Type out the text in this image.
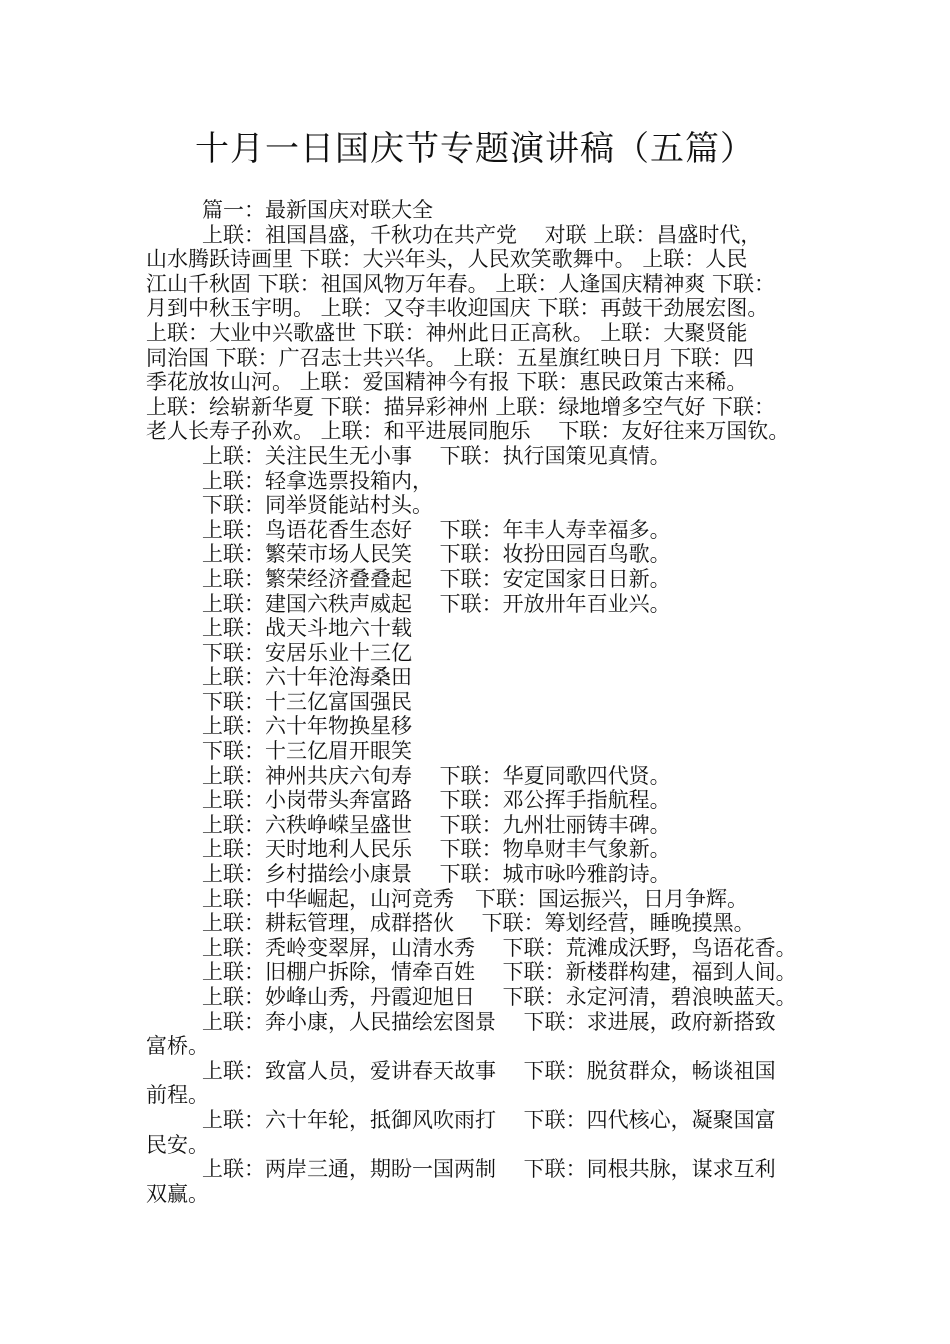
十月一日国庆节专题演讲稿（五篇）
篇一：最新国庆对联大全
上联：祖国昌盛，千秋功在共产党　 对联 上联：昌盛时代，
山水腾跃诗画里 下联：大兴年头，人民欢笑歌舞中。 上联：人民
江山千秋固 下联：祖国风物万年春。 上联：人逢国庆精神爽 下联：
月到中秋玉宇明。 上联：又夺丰收迎国庆 下联：再鼓干劲展宏图。
上联：大业中兴歌盛世 下联：神州此日正高秋。 上联：大聚贤能
同治国 下联：广召志士共兴华。 上联：五星旗红映日月 下联：四
季花放妆山河。 上联：爱国精神今有报 下联：惠民政策古来稀。
上联：绘崭新华夏 下联：描异彩神州 上联：绿地增多空气好 下联：
老人长寿子孙欢。 上联：和平进展同胞乐　 下联：友好往来万国钦。
上联：关注民生无小事　 下联：执行国策见真情。
上联：轻拿选票投箱内，
下联：同举贤能站村头。
上联：鸟语花香生态好　 下联：年丰人寿幸福多。
上联：繁荣市场人民笑　 下联：妆扮田园百鸟歌。
上联：繁荣经济叠叠起　 下联：安定国家日日新。
上联：建国六秩声威起　 下联：开放卅年百业兴。
上联：战天斗地六十载
下联：安居乐业十三亿
上联：六十年沧海桑田
下联：十三亿富国强民
上联：六十年物换星移
下联：十三亿眉开眼笑
上联：神州共庆六旬寿　 下联：华夏同歌四代贤。
上联：小岗带头奔富路　 下联：邓公挥手指航程。
上联：六秩峥嵘呈盛世　 下联：九州壮丽铸丰碑。
上联：天时地利人民乐　 下联：物阜财丰气象新。
上联：乡村描绘小康景　 下联：城市咏吟雅韵诗。
上联：中华崛起，山河竞秀　下联：国运振兴，日月争辉。
上联：耕耘管理，成群搭伙　 下联：筹划经营，睡晚摸黑。
上联：秃岭变翠屏，山清水秀　 下联：荒滩成沃野，鸟语花香。
上联：旧棚户拆除，情牵百姓　 下联：新楼群构建，福到人间。
上联：妙峰山秀，丹霞迎旭日　 下联：永定河清，碧浪映蓝天。
上联：奔小康，人民描绘宏图景　 下联：求进展，政府新搭致
富桥。
上联：致富人员，爱讲春天故事　 下联：脱贫群众，畅谈祖国
前程。
上联：六十年轮，抵御风吹雨打　 下联：四代核心，凝聚国富
民安。
上联：两岸三通，期盼一国两制　 下联：同根共脉，谋求互利
双赢。
